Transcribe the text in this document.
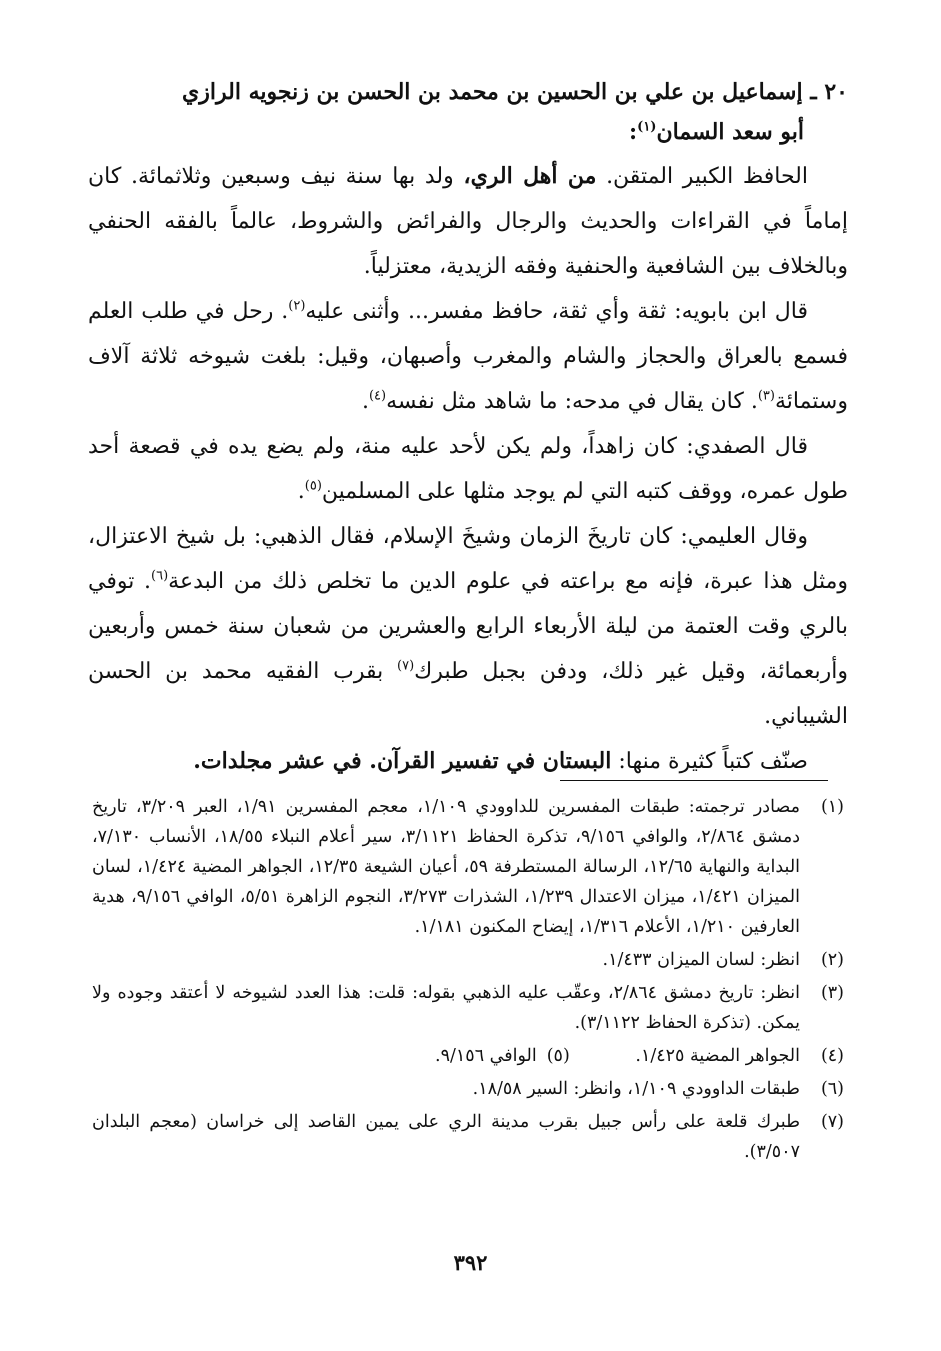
٢٠ ـ إسماعيل بن علي بن الحسين بن محمد بن الحسن بن زنجويه الرازي
أبو سعد السمان$^{(١)}$:

الحافظ الكبير المتقن. من أهل الري، ولد بها سنة نيف وسبعين وثلاثمائة. كان إماماً في القراءات والحديث والرجال والفرائض والشروط، عالماً بالفقه الحنفي وبالخلاف بين الشافعية والحنفية وفقه الزيدية، معتزلياً.

قال ابن بابويه: ثقة وأي ثقة، حافظ مفسر... وأثنى عليه$^{(٢)}$. رحل في طلب العلم فسمع بالعراق والحجاز والشام والمغرب وأصبهان، وقيل: بلغت شيوخه ثلاثة آلاف وستمائة$^{(٣)}$. كان يقال في مدحه: ما شاهد مثل نفسه$^{(٤)}$.

قال الصفدي: كان زاهداً، ولم يكن لأحد عليه منة، ولم يضع يده في قصعة أحد طول عمره، ووقف كتبه التي لم يوجد مثلها على المسلمين$^{(٥)}$.

وقال العليمي: كان تاريخَ الزمان وشيخَ الإسلام، فقال الذهبي: بل شيخ الاعتزال، ومثل هذا عبرة، فإنه مع براعته في علوم الدين ما تخلص ذلك من البدعة$^{(٦)}$. توفي بالري وقت العتمة من ليلة الأربعاء الرابع والعشرين من شعبان سنة خمس وأربعين وأربعمائة، وقيل غير ذلك، ودفن بجبل طبرك$^{(٧)}$ بقرب الفقيه محمد بن الحسن الشيباني.

صنّف كتباً كثيرة منها: البستان في تفسير القرآن. في عشر مجلدات.

(١)
مصادر ترجمته: طبقات المفسرين للداوودي ١/١٠٩، معجم المفسرين ١/٩١، العبر ٣/٢٠٩، تاريخ دمشق ٢/٨٦٤، والوافي ٩/١٥٦، تذكرة الحفاظ ٣/١١٢١، سير أعلام النبلاء ١٨/٥٥، الأنساب ٧/١٣٠، البداية والنهاية ١٢/٦٥، الرسالة المستطرفة ٥٩، أعيان الشيعة ١٢/٣٥، الجواهر المضية ١/٤٢٤، لسان الميزان ١/٤٢١، ميزان الاعتدال ١/٢٣٩، الشذرات ٣/٢٧٣، النجوم الزاهرة ٥/٥١، الوافي ٩/١٥٦، هدية العارفين ١/٢١٠، الأعلام ١/٣١٦، إيضاح المكنون ١/١٨١.
(٢)
انظر: لسان الميزان ١/٤٣٣.
(٣)
انظر: تاريخ دمشق ٢/٨٦٤، وعقّب عليه الذهبي بقوله: قلت: هذا العدد لشيوخه لا أعتقد وجوده ولا يمكن. (تذكرة الحفاظ ٣/١١٢٢).
(٤)
الجواهر المضية ١/٤٢٥. (٥)الوافي ٩/١٥٦.
(٦)
طبقات الداوودي ١/١٠٩، وانظر: السير ١٨/٥٨.
(٧)
طبرك قلعة على رأس جبيل بقرب مدينة الري على يمين القاصد إلى خراسان (معجم البلدان ٣/٥٠٧).
٣٩٢
